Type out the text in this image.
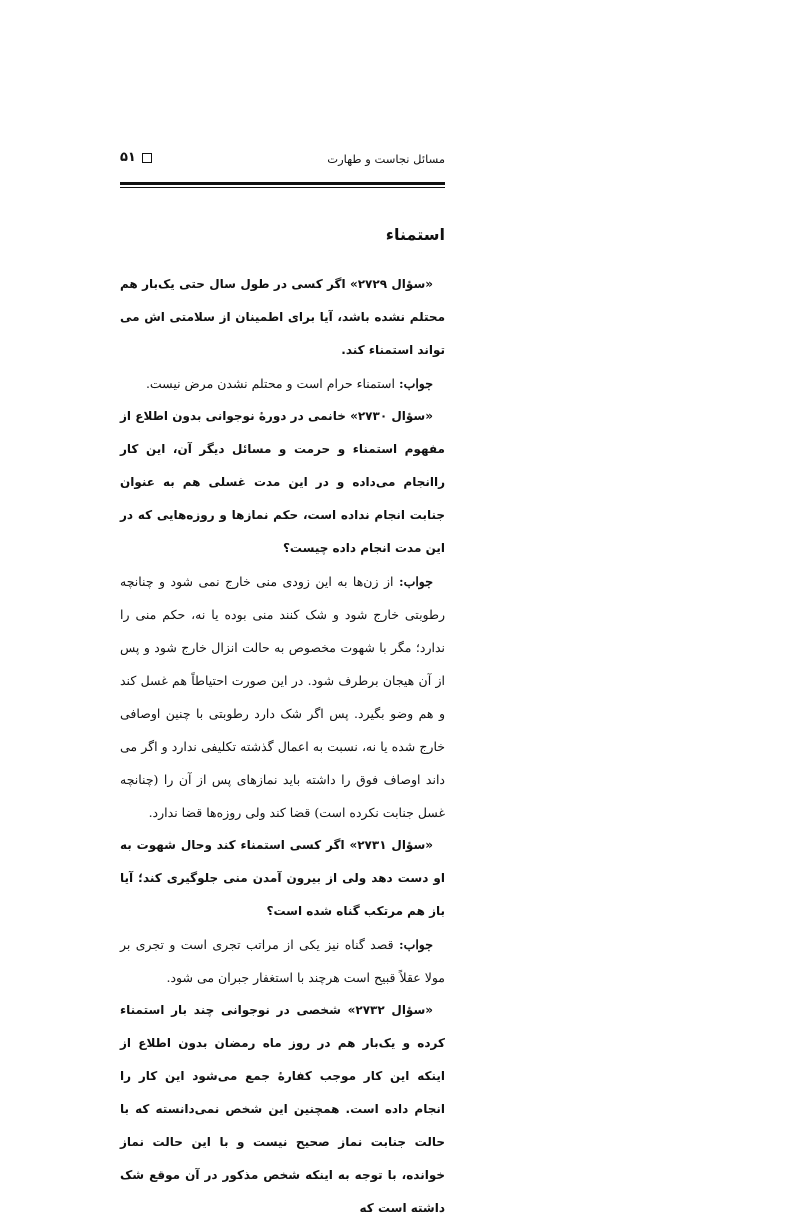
مسائل نجاست و طهارت
۵۱
استمناء

«سؤال ۲۷۲۹» اگر کسی در طول سال حتی یک‌بار هم محتلم نشده باشد، آیا برای اطمینان از سلامتی اش می تواند استمناء کند.

جواب: استمناء حرام است و محتلم نشدن مرض نیست.

«سؤال ۲۷۳۰» خانمی در دورهٔ نوجوانی بدون اطلاع از مفهوم استمناء و حرمت و مسائل دیگر آن، این کار راانجام می‌داده و در این مدت غسلی هم به عنوان جنابت انجام نداده است، حکم نمازها و روزه‌هایی که در این مدت انجام داده چیست؟

جواب: از زن‌ها به این زودی منی خارج نمی شود و چنانچه رطوبتی خارج شود و شک کنند منی بوده یا نه، حکم منی را ندارد؛ مگر با شهوت مخصوص به حالت انزال خارج شود و پس از آن هیجان برطرف شود. در این صورت احتیاطاً هم غسل کند و هم وضو بگیرد. پس اگر شک دارد رطوبتی با چنین اوصافی خارج شده یا نه، نسبت به اعمال گذشته تکلیفی ندارد و اگر می داند اوصاف فوق را داشته باید نمازهای پس از آن را (چنانچه غسل جنابت نکرده است) قضا کند ولی روزه‌ها قضا ندارد.

«سؤال ۲۷۳۱» اگر کسی استمناء کند وحال شهوت به او دست دهد ولی از بیرون آمدن منی جلوگیری کند؛ آیا باز هم مرتکب گناه شده است؟

جواب: قصد گناه نیز یکی از مراتب تجری است و تجری بر مولا عقلاً قبیح است هرچند با استغفار جبران می شود.

«سؤال ۲۷۳۲» شخصی در نوجوانی چند بار استمناء کرده و یک‌بار هم در روز ماه رمضان بدون اطلاع از اینکه این کار موجب کفارهٔ جمع می‌شود این کار را انجام داده است. همچنین این شخص نمی‌دانسته که با حالت جنابت نماز صحیح نیست و با این حالت نماز خوانده، با توجه به اینکه شخص مذکور در آن موقع شک داشته است که
